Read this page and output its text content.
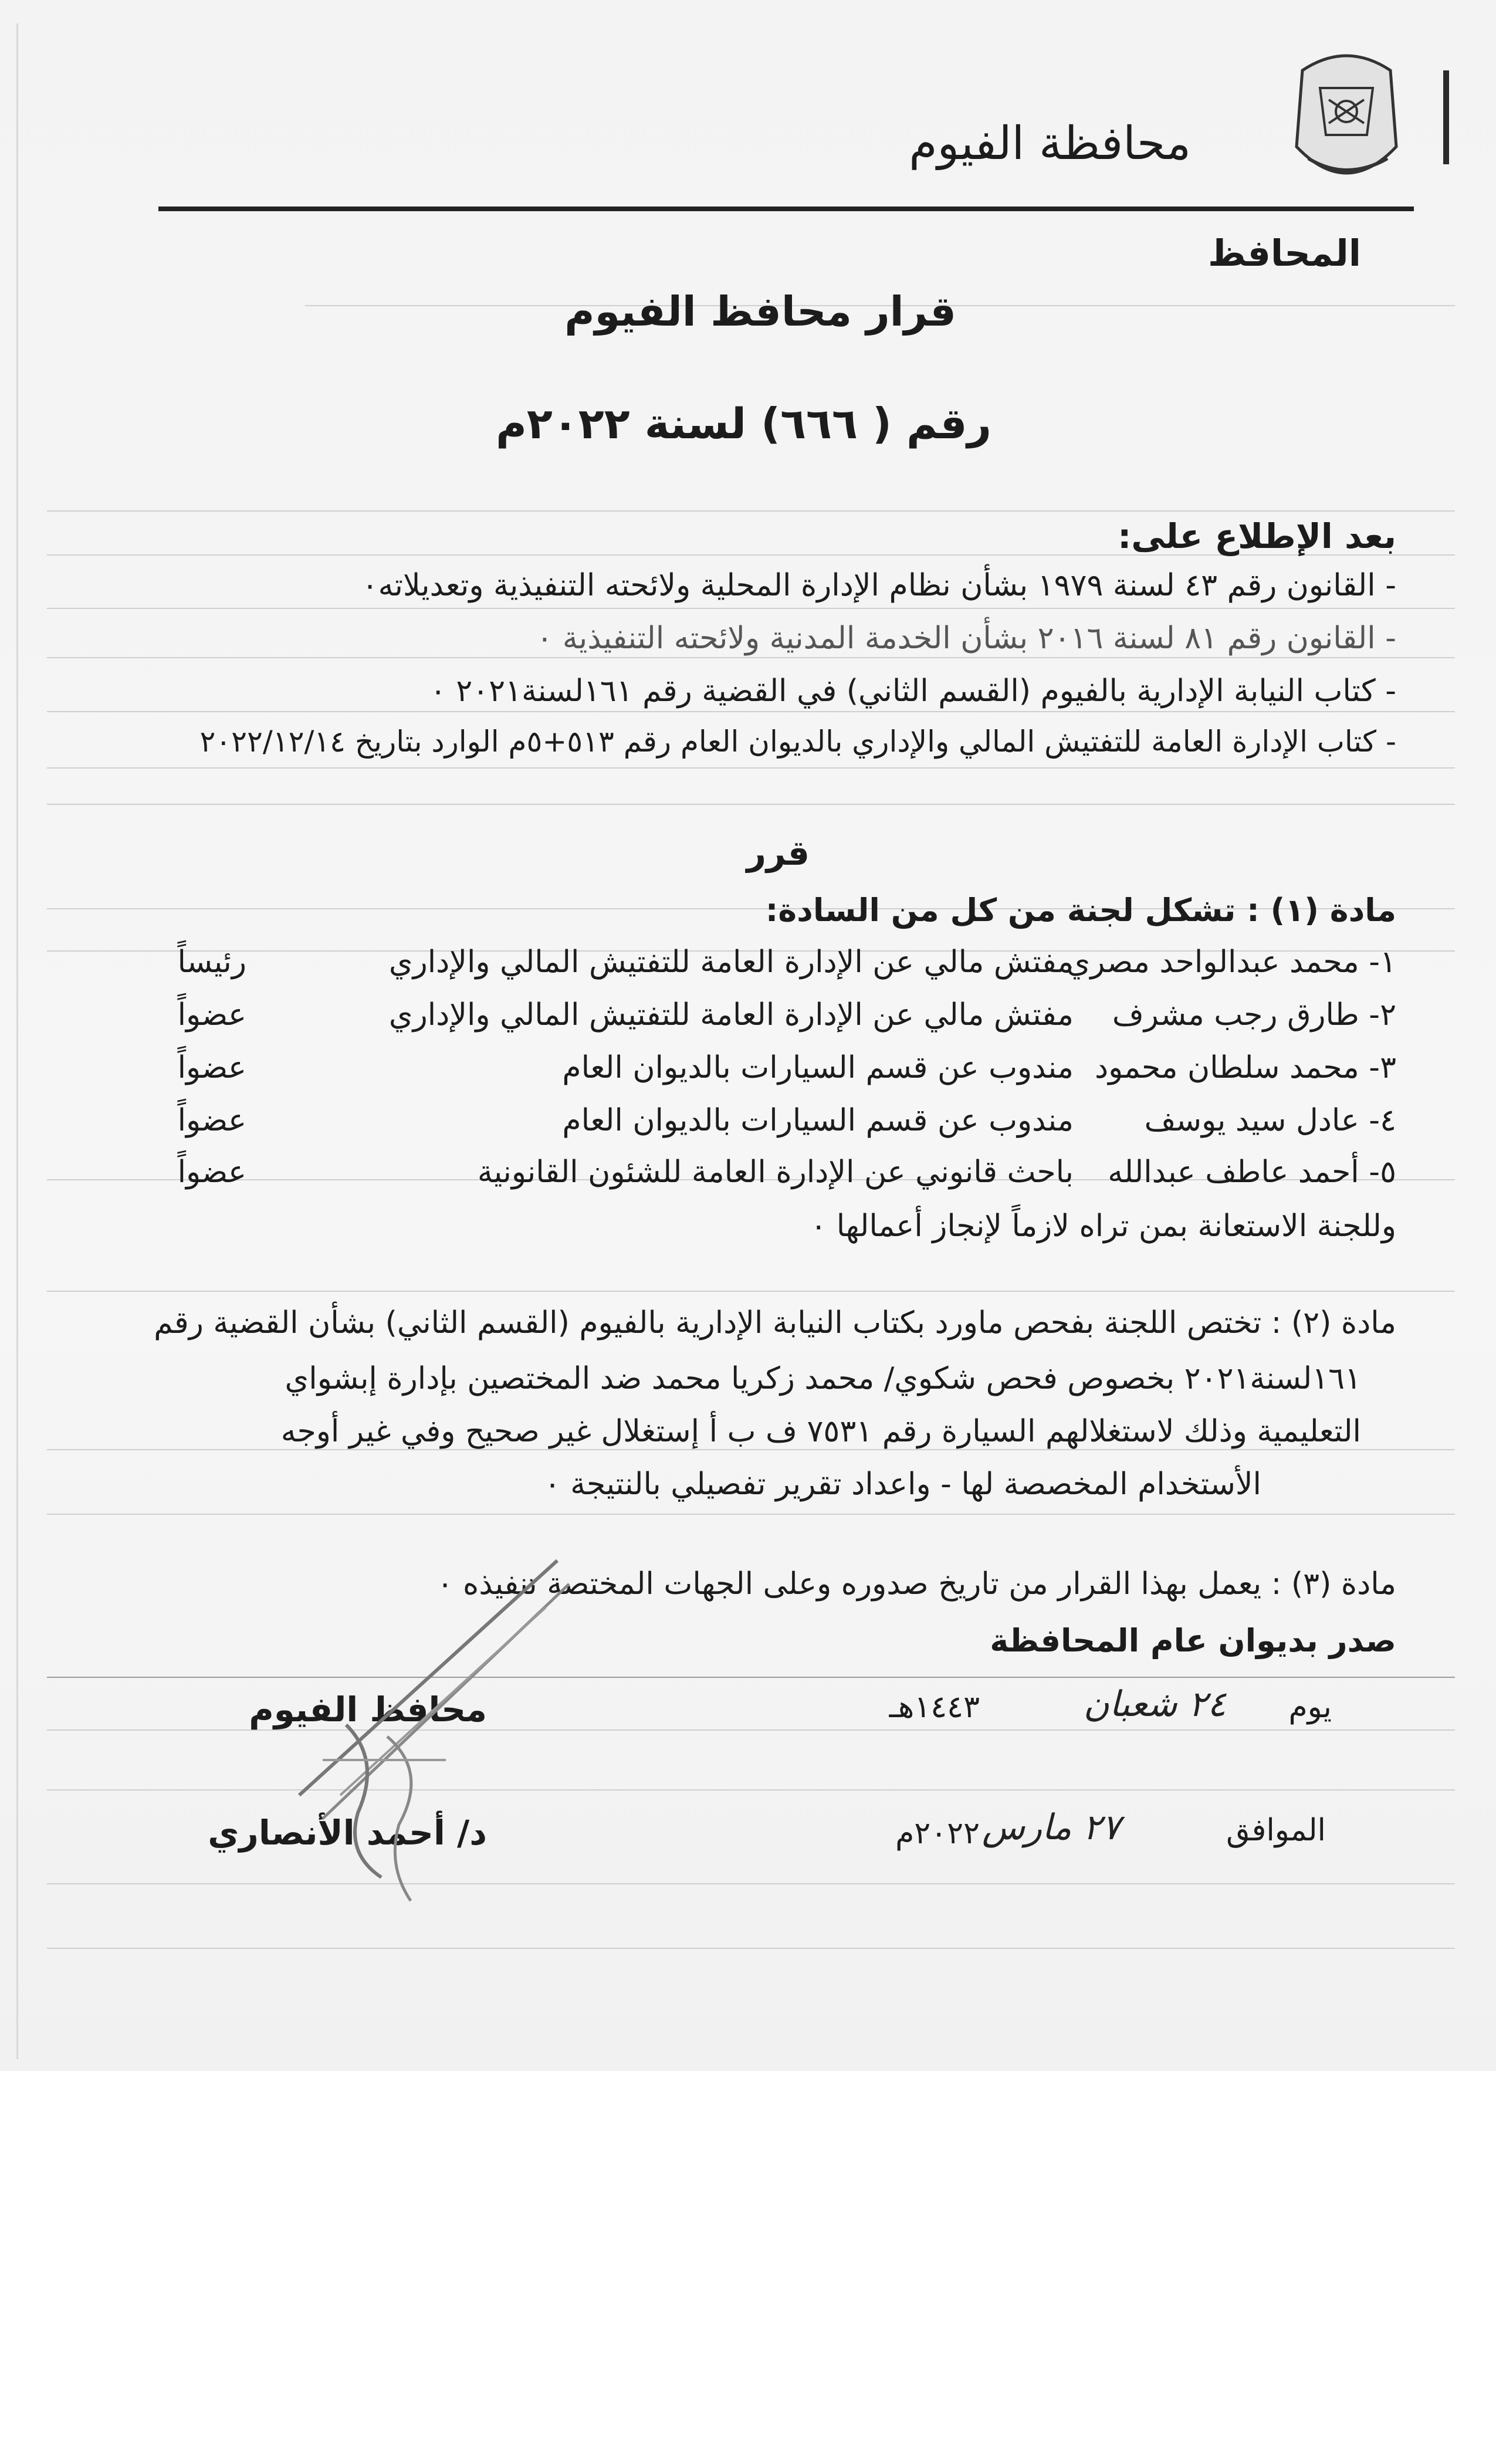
محافظة الفيوم
المحافظ
قرار محافظ الفيوم
رقم ( ٦٦٦) لسنة ٢٠٢٢م
بعد الإطلاع على:
- القانون رقم ٤٣ لسنة ١٩٧٩ بشأن نظام الإدارة المحلية ولائحته التنفيذية وتعديلاته٠
- القانون رقم ٨١ لسنة ٢٠١٦ بشأن الخدمة المدنية ولائحته التنفيذية ٠
- كتاب النيابة الإدارية بالفيوم (القسم الثاني) في القضية رقم ١٦١لسنة٢٠٢١ ٠
- كتاب الإدارة العامة للتفتيش المالي والإداري بالديوان العام رقم ٥١٣+٥م الوارد بتاريخ ٢٠٢٢/١٢/١٤
قرر
مادة (١) : تشكل لجنة من كل من السادة:
١- محمد عبدالواحد مصري
مفتش مالي عن الإدارة العامة للتفتيش المالي والإداري
رئيساً
٢- طارق رجب مشرف
مفتش مالي عن الإدارة العامة للتفتيش المالي والإداري
عضواً
٣- محمد سلطان محمود
مندوب عن قسم السيارات بالديوان العام
عضواً
٤- عادل سيد يوسف
مندوب عن قسم السيارات بالديوان العام
عضواً
٥- أحمد عاطف عبدالله
باحث قانوني عن الإدارة العامة للشئون القانونية
عضواً
وللجنة الاستعانة بمن تراه لازماً لإنجاز أعمالها ٠
مادة (٢) : تختص اللجنة بفحص ماورد بكتاب النيابة الإدارية بالفيوم (القسم الثاني) بشأن القضية رقم
١٦١لسنة٢٠٢١ بخصوص فحص شكوي/ محمد زكريا محمد ضد المختصين بإدارة إبشواي
التعليمية وذلك لاستغلالهم السيارة رقم ٧٥٣١ ف ب أ إستغلال غير صحيح وفي غير أوجه
الأستخدام المخصصة لها - واعداد تقرير تفصيلي بالنتيجة ٠
مادة (٣) : يعمل بهذا القرار من تاريخ صدوره وعلى الجهات المختصة تنفيذه ٠
صدر بديوان عام المحافظة
يوم
٢٤ شعبان
١٤٤٣هـ
الموافق
٢٧ مارس
٢٠٢٢م
محافظ الفيوم
د/ أحمد الأنصاري
